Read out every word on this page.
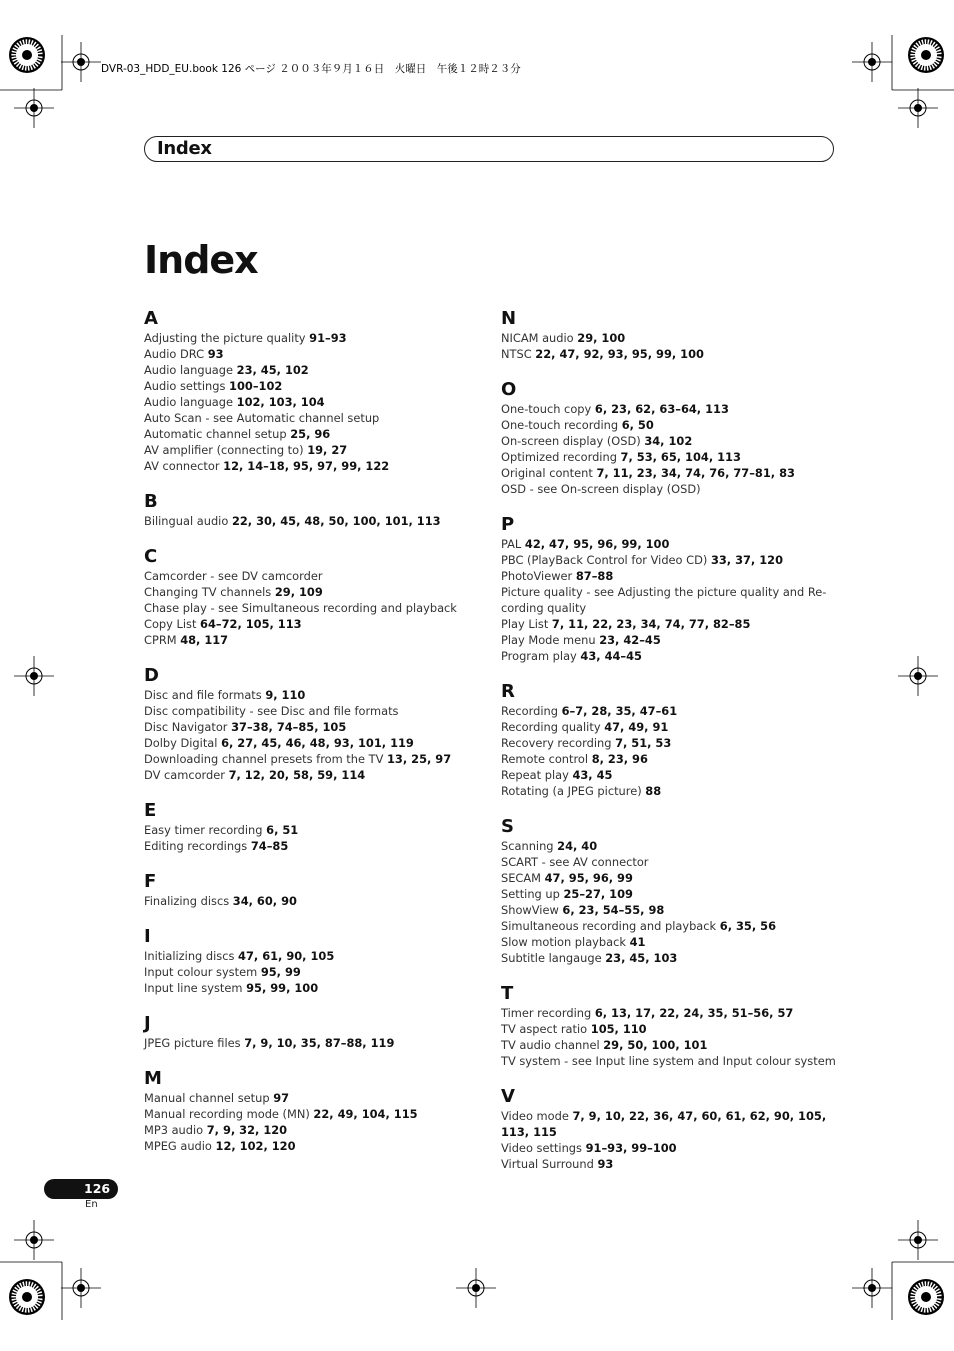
DVR-03_HDD_EU.book 126 ページ ２００３年９月１６日　火曜日　午後１２時２３分
Index
Index
A
Adjusting the picture quality 91–93
Audio DRC 93
Audio language 23, 45, 102
Audio settings 100–102
Audio language 102, 103, 104
Auto Scan - see Automatic channel setup
Automatic channel setup 25, 96
AV amplifier (connecting to) 19, 27
AV connector 12, 14–18, 95, 97, 99, 122
B
Bilingual audio 22, 30, 45, 48, 50, 100, 101, 113
C
Camcorder - see DV camcorder
Changing TV channels 29, 109
Chase play - see Simultaneous recording and playback
Copy List 64–72, 105, 113
CPRM 48, 117
D
Disc and file formats 9, 110
Disc compatibility - see Disc and file formats
Disc Navigator 37–38, 74–85, 105
Dolby Digital 6, 27, 45, 46, 48, 93, 101, 119
Downloading channel presets from the TV 13, 25, 97
DV camcorder 7, 12, 20, 58, 59, 114
E
Easy timer recording 6, 51
Editing recordings 74–85
F
Finalizing discs 34, 60, 90
I
Initializing discs 47, 61, 90, 105
Input colour system 95, 99
Input line system 95, 99, 100
J
JPEG picture files 7, 9, 10, 35, 87–88, 119
M
Manual channel setup 97
Manual recording mode (MN) 22, 49, 104, 115
MP3 audio 7, 9, 32, 120
MPEG audio 12, 102, 120
N
NICAM audio 29, 100
NTSC 22, 47, 92, 93, 95, 99, 100
O
One-touch copy 6, 23, 62, 63–64, 113
One-touch recording 6, 50
On-screen display (OSD) 34, 102
Optimized recording 7, 53, 65, 104, 113
Original content 7, 11, 23, 34, 74, 76, 77–81, 83
OSD - see On-screen display (OSD)
P
PAL 42, 47, 95, 96, 99, 100
PBC (PlayBack Control for Video CD) 33, 37, 120
PhotoViewer 87–88
Picture quality - see Adjusting the picture quality and Re-cording quality
Play List 7, 11, 22, 23, 34, 74, 77, 82–85
Play Mode menu 23, 42–45
Program play 43, 44–45
R
Recording 6–7, 28, 35, 47–61
Recording quality 47, 49, 91
Recovery recording 7, 51, 53
Remote control 8, 23, 96
Repeat play 43, 45
Rotating (a JPEG picture) 88
S
Scanning 24, 40
SCART - see AV connector
SECAM 47, 95, 96, 99
Setting up 25–27, 109
ShowView 6, 23, 54–55, 98
Simultaneous recording and playback 6, 35, 56
Slow motion playback 41
Subtitle langauge 23, 45, 103
T
Timer recording 6, 13, 17, 22, 24, 35, 51–56, 57
TV aspect ratio 105, 110
TV audio channel 29, 50, 100, 101
TV system - see Input line system and Input colour system
V
Video mode 7, 9, 10, 22, 36, 47, 60, 61, 62, 90, 105, 113, 115
Video settings 91–93, 99–100
Virtual Surround 93
126
En
